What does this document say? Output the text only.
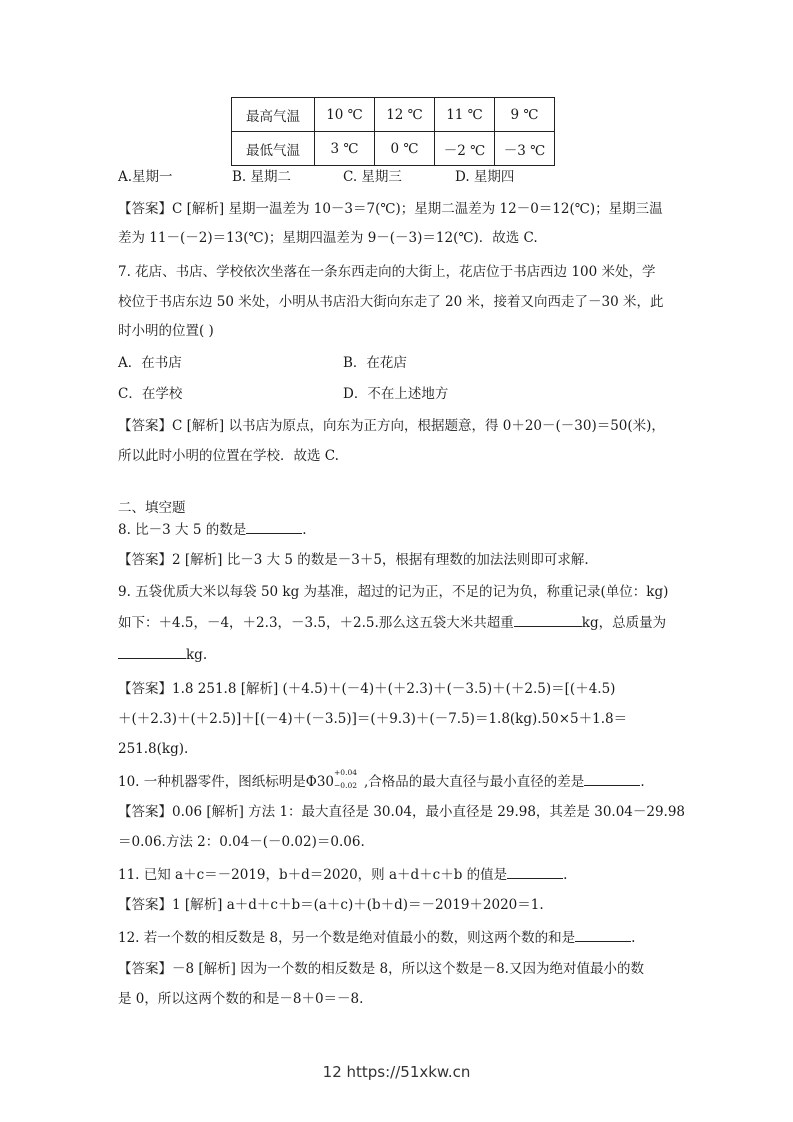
最高气温	10 ℃	12 ℃	11 ℃	9 ℃
最低气温	3 ℃	0 ℃	－2 ℃	－3 ℃
A.星期一	B. 星期二	C. 星期三	D. 星期四
【答案】C [解析] 星期一温差为 10－3＝7(℃)；星期二温差为 12－0＝12(℃)；星期三温
差为 11－(－2)＝13(℃)；星期四温差为 9－(－3)＝12(℃)．故选 C.
7. 花店、书店、学校依次坐落在一条东西走向的大街上，花店位于书店西边 100 米处，学
校位于书店东边 50 米处，小明从书店沿大街向东走了 20 米，接着又向西走了－30 米，此
时小明的位置( )
A．在书店	B．在花店
C．在学校	D．不在上述地方
【答案】C [解析] 以书店为原点，向东为正方向，根据题意，得 0＋20－(－30)＝50(米)，
所以此时小明的位置在学校．故选 C.
二、填空题
8. 比－3 大 5 的数是	.
【答案】2 [解析] 比－3 大 5 的数是－3＋5，根据有理数的加法法则即可求解.
9. 五袋优质大米以每袋 50 kg 为基准，超过的记为正，不足的记为负，称重记录(单位：kg)
如下：＋4.5，－4，＋2.3，－3.5，＋2.5.那么这五袋大米共超重	kg，总质量为
kg.
【答案】1.8 251.8 [解析] (＋4.5)＋(－4)＋(＋2.3)＋(－3.5)＋(＋2.5)＝[(＋4.5)
＋(＋2.3)＋(＋2.5)]＋[(－4)＋(－3.5)]＝(＋9.3)＋(－7.5)＝1.8(kg).50×5＋1.8＝
251.8(kg).
10. 一种机器零件，图纸标明是Φ30
+0.04
−0.02 ,合格品的最大直径与最小直径的差是	.
【答案】0.06 [解析] 方法 1：最大直径是 30.04，最小直径是 29.98，其差是 30.04－29.98
＝0.06.方法 2：0.04－(－0.02)＝0.06.
11. 已知 a＋c＝－2019，b＋d＝2020，则 a＋d＋c＋b 的值是	.
【答案】1 [解析] a＋d＋c＋b＝(a＋c)＋(b＋d)＝－2019＋2020＝1.
12. 若一个数的相反数是 8，另一个数是绝对值最小的数，则这两个数的和是	.
【答案】－8 [解析] 因为一个数的相反数是 8，所以这个数是－8.又因为绝对值最小的数
是 0，所以这两个数的和是－8＋0＝－8.
12 https://51xkw.cn
